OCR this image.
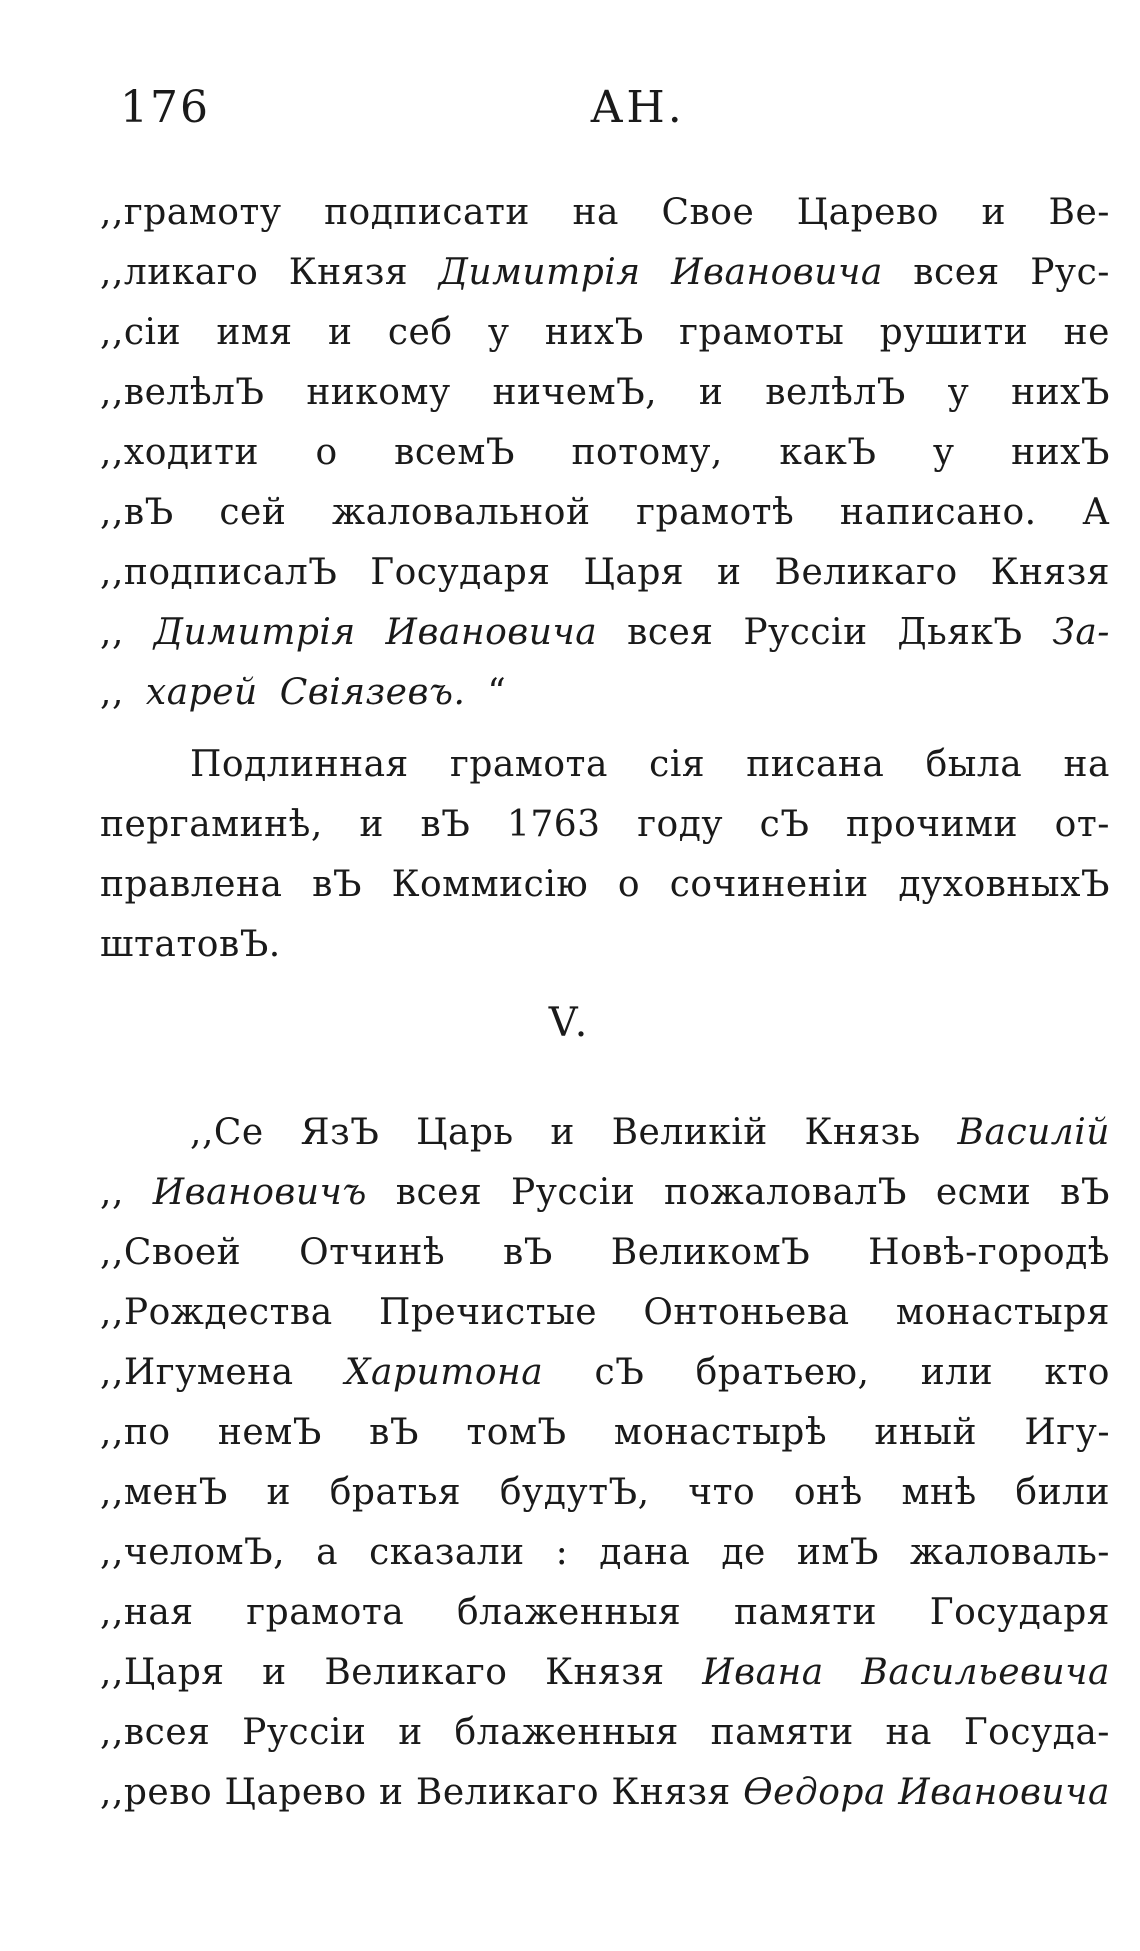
176	АН.
,,грамоту подписати на Свое Царево и Ве-
,,ликаго Князя Димитрія Ивановича всея Рус-
,,сіи имя и себ у нихЪ грамоты рушити не
,,велѣлЪ никому ничемЪ, и велѣлЪ у нихЪ
,,ходити о всемЪ потому, какЪ у нихЪ
,,вЪ сей жаловальной грамотѣ написано. А
,,подписалЪ Государя Царя и Великаго Князя
,, Димитрія Ивановича всея Руссіи ДьякЪ За-
,, харей Свіязевъ. “
Подлинная грамота сія писана была на
пергаминѣ, и вЪ 1763 году сЪ прочими от-
правлена вЪ Коммисію о сочиненіи духовныхЪ
штатовЪ.
,,Се ЯзЪ Царь и Великій Князь Василій
,, Ивановичъ всея Руссіи пожаловалЪ есми вЪ
,,Своей Отчинѣ вЪ ВеликомЪ Новѣ-городѣ
,,Рождества Пречистые Онтоньева монастыря
,,Игумена Харитона сЪ братьею, или кто
,,по немЪ вЪ томЪ монастырѣ иный Игу-
,,менЪ и братья будутЪ, что онѣ мнѣ били
,,челомЪ, а сказали : дана де имЪ жаловаль-
,,ная грамота блаженныя памяти Государя
,,Царя и Великаго Князя Ивана Васильевича
,,всея Руссіи и блаженныя памяти на Госуда-
,,рево Царево и Великаго Князя Ѳедора Ивановича
V.
